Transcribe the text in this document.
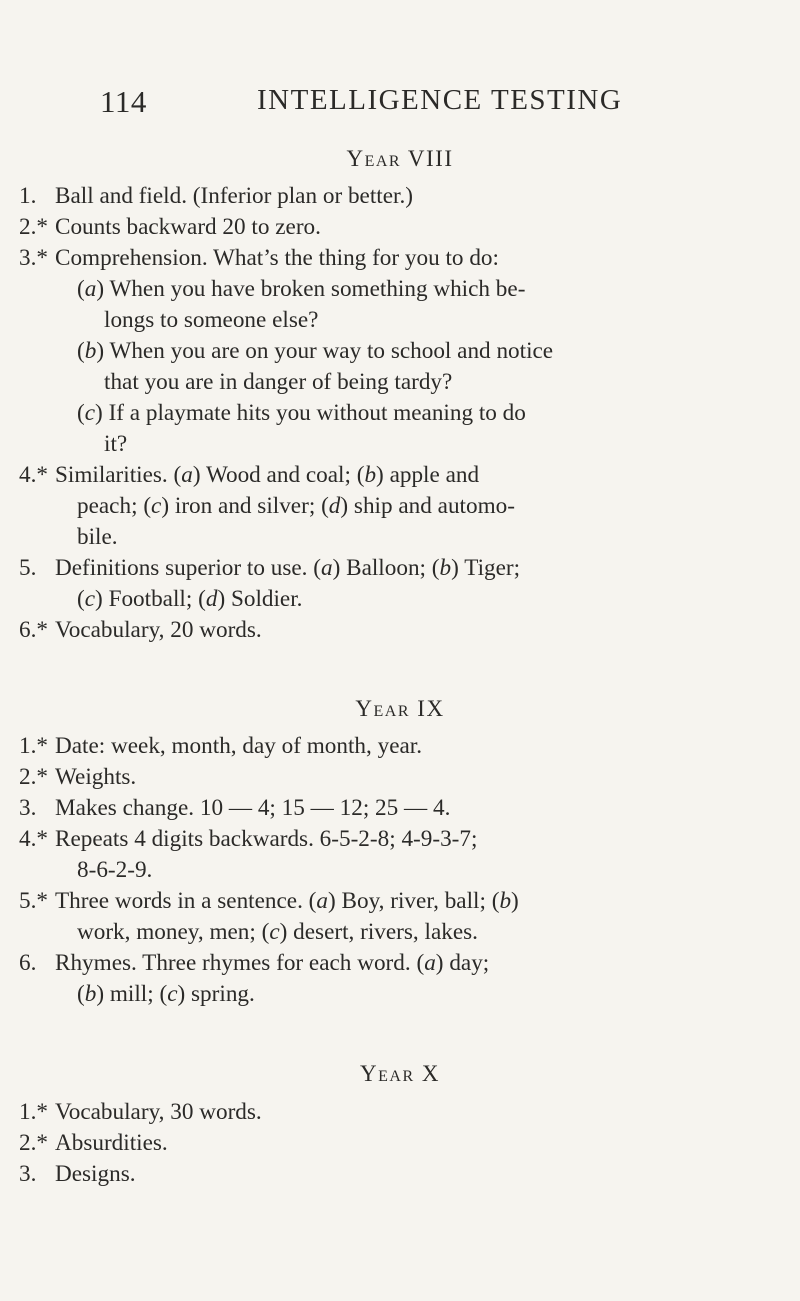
114	INTELLIGENCE TESTING
Year VIII
1. Ball and field. (Inferior plan or better.)
2.* Counts backward 20 to zero.
3.* Comprehension. What’s the thing for you to do:
(a) When you have broken something which be-
longs to someone else?
(b) When you are on your way to school and notice
that you are in danger of being tardy?
(c) If a playmate hits you without meaning to do
it?
4.* Similarities. (a) Wood and coal; (b) apple and
peach; (c) iron and silver; (d) ship and automo-
bile.
5. Definitions superior to use. (a) Balloon; (b) Tiger;
(c) Football; (d) Soldier.
6.* Vocabulary, 20 words.
Year IX
1.* Date: week, month, day of month, year.
2.* Weights.
3. Makes change. 10 — 4; 15 — 12; 25 — 4.
4.* Repeats 4 digits backwards. 6-5-2-8; 4-9-3-7;
8-6-2-9.
5.* Three words in a sentence. (a) Boy, river, ball; (b)
work, money, men; (c) desert, rivers, lakes.
6. Rhymes. Three rhymes for each word. (a) day;
(b) mill; (c) spring.
Year X
1.* Vocabulary, 30 words.
2.* Absurdities.
3. Designs.
